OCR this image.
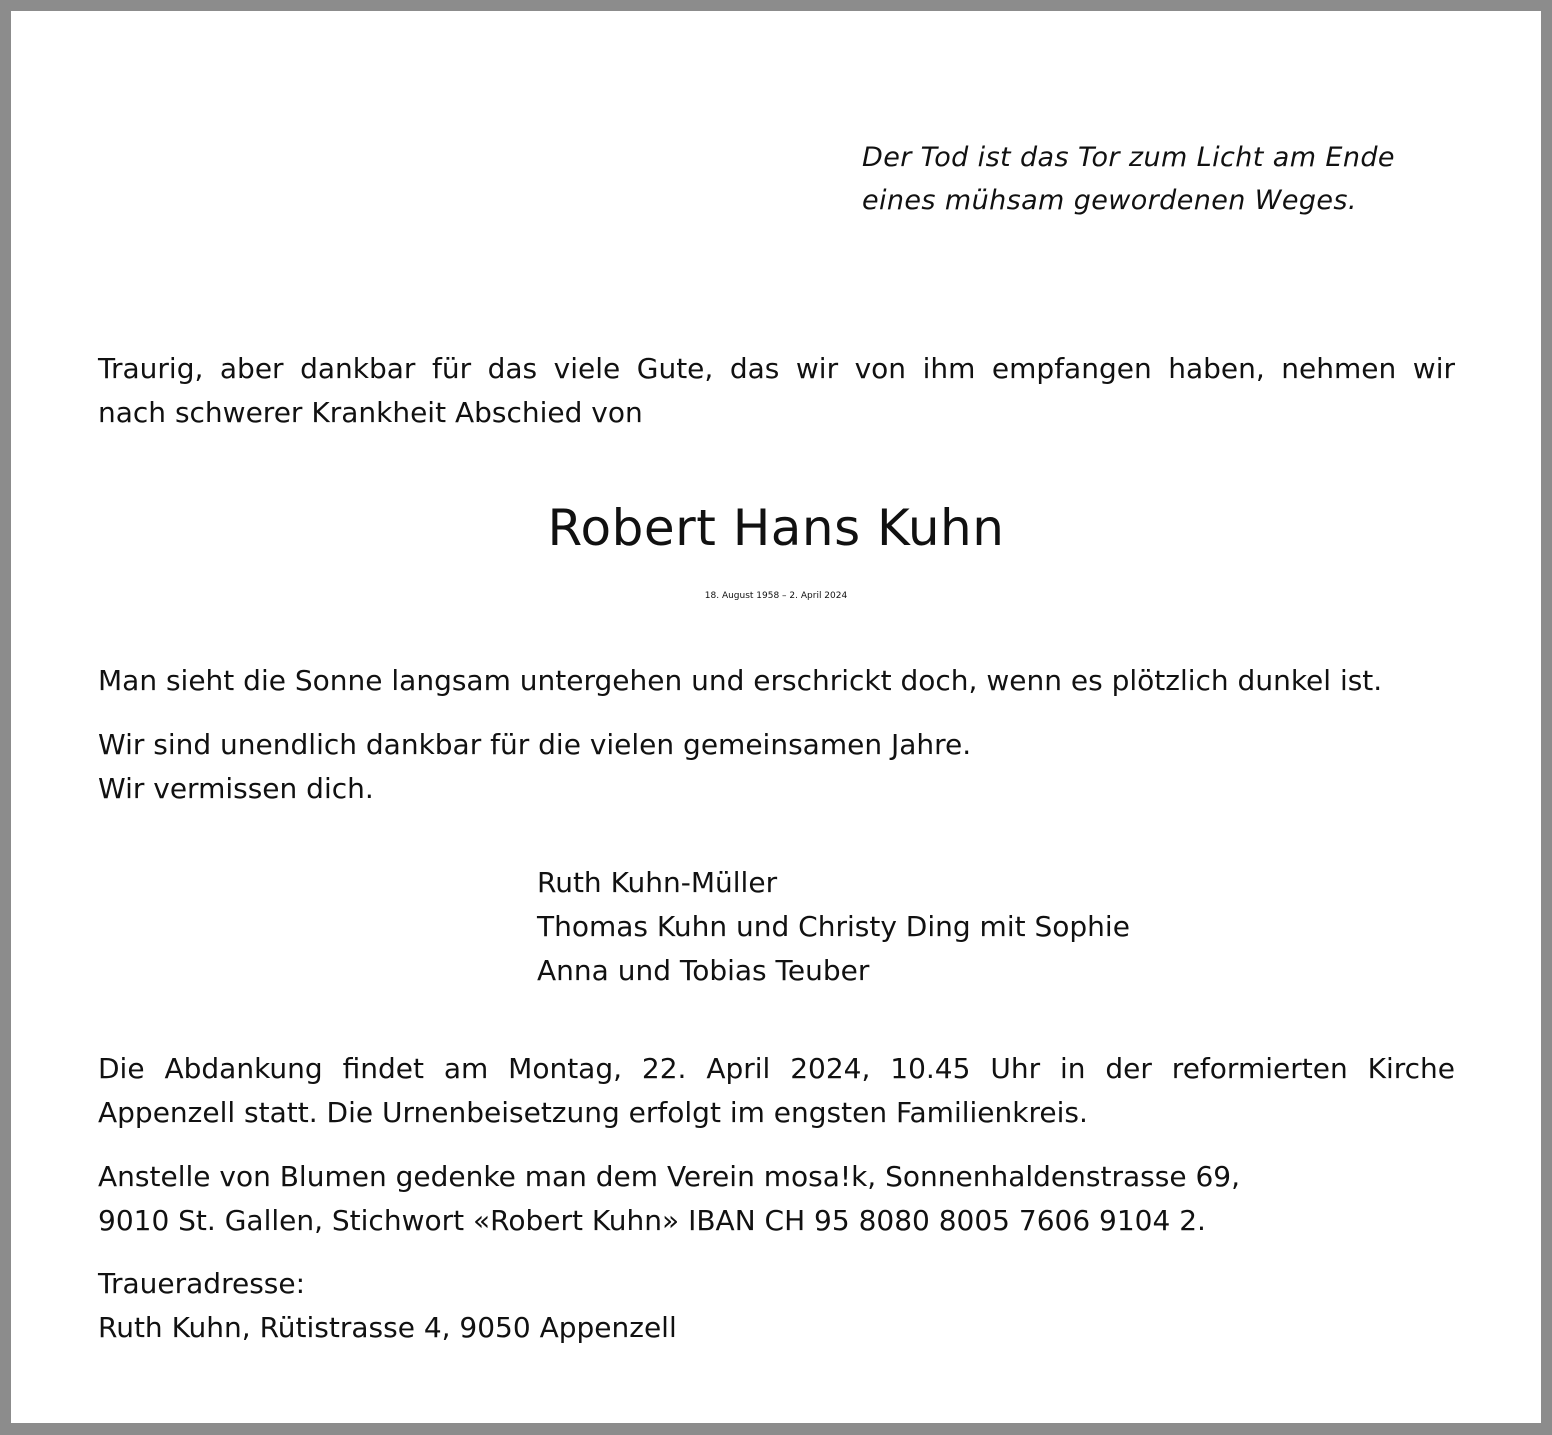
Der Tod ist das Tor zum Licht am Ende
eines mühsam gewordenen Weges.
Traurig, aber dankbar für das viele Gute, das wir von ihm empfangen haben, nehmen wir
nach schwerer Krankheit Abschied von
Robert Hans Kuhn
18. August 1958 – 2. April 2024
Man sieht die Sonne langsam untergehen und erschrickt doch, wenn es plötzlich dunkel ist.
Wir sind unendlich dankbar für die vielen gemeinsamen Jahre.
Wir vermissen dich.
Ruth Kuhn-Müller
Thomas Kuhn und Christy Ding mit Sophie
Anna und Tobias Teuber
Die Abdankung findet am Montag, 22. April 2024, 10.45 Uhr in der reformierten Kirche
Appenzell statt. Die Urnenbeisetzung erfolgt im engsten Familienkreis.
Anstelle von Blumen gedenke man dem Verein mosa!k, Sonnenhaldenstrasse 69,
9010 St. Gallen, Stichwort «Robert Kuhn» IBAN CH 95 8080 8005 7606 9104 2.
Traueradresse:
Ruth Kuhn, Rütistrasse 4, 9050 Appenzell
